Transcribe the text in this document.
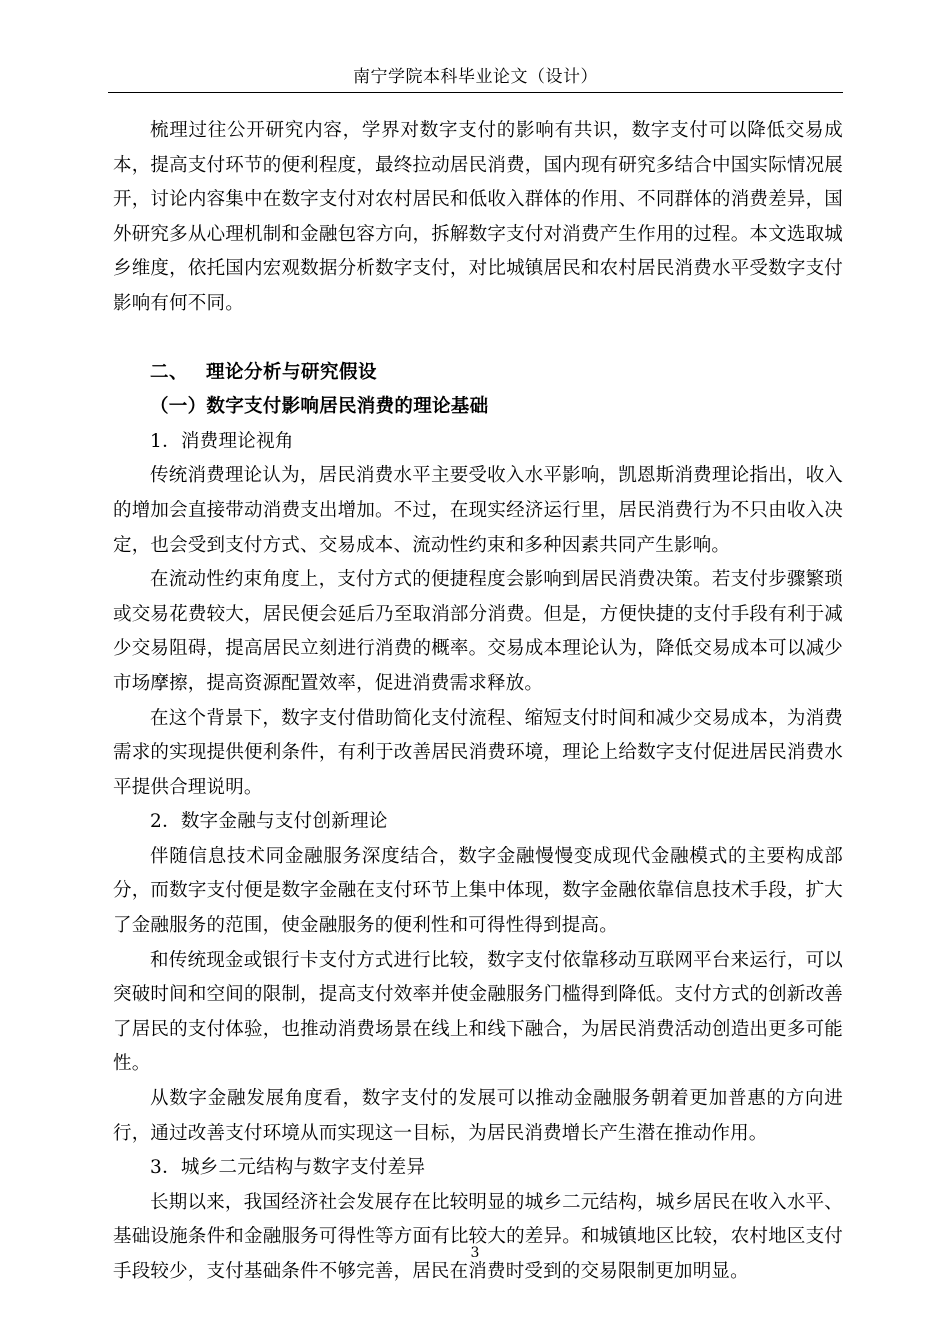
南宁学院本科毕业论文（设计）

梳理过往公开研究内容，学界对数字支付的影响有共识，数字支付可以降低交易成本，提高支付环节的便利程度，最终拉动居民消费，国内现有研究多结合中国实际情况展开，讨论内容集中在数字支付对农村居民和低收入群体的作用、不同群体的消费差异，国外研究多从心理机制和金融包容方向，拆解数字支付对消费产生作用的过程。本文选取城乡维度，依托国内宏观数据分析数字支付，对比城镇居民和农村居民消费水平受数字支付影响有何不同。

二、 理论分析与研究假设

（一）数字支付影响居民消费的理论基础

1．消费理论视角

传统消费理论认为，居民消费水平主要受收入水平影响，凯恩斯消费理论指出，收入的增加会直接带动消费支出增加。不过，在现实经济运行里，居民消费行为不只由收入决定，也会受到支付方式、交易成本、流动性约束和多种因素共同产生影响。

在流动性约束角度上，支付方式的便捷程度会影响到居民消费决策。若支付步骤繁琐或交易花费较大，居民便会延后乃至取消部分消费。但是，方便快捷的支付手段有利于减少交易阻碍，提高居民立刻进行消费的概率。交易成本理论认为，降低交易成本可以减少市场摩擦，提高资源配置效率，促进消费需求释放。

在这个背景下，数字支付借助简化支付流程、缩短支付时间和减少交易成本，为消费需求的实现提供便利条件，有利于改善居民消费环境，理论上给数字支付促进居民消费水平提供合理说明。

2．数字金融与支付创新理论

伴随信息技术同金融服务深度结合，数字金融慢慢变成现代金融模式的主要构成部分，而数字支付便是数字金融在支付环节上集中体现，数字金融依靠信息技术手段，扩大了金融服务的范围，使金融服务的便利性和可得性得到提高。

和传统现金或银行卡支付方式进行比较，数字支付依靠移动互联网平台来运行，可以突破时间和空间的限制，提高支付效率并使金融服务门槛得到降低。支付方式的创新改善了居民的支付体验，也推动消费场景在线上和线下融合，为居民消费活动创造出更多可能性。

从数字金融发展角度看，数字支付的发展可以推动金融服务朝着更加普惠的方向进行，通过改善支付环境从而实现这一目标，为居民消费增长产生潜在推动作用。

3．城乡二元结构与数字支付差异

长期以来，我国经济社会发展存在比较明显的城乡二元结构，城乡居民在收入水平、基础设施条件和金融服务可得性等方面有比较大的差异。和城镇地区比较，农村地区支付手段较少，支付基础条件不够完善，居民在消费时受到的交易限制更加明显。

3
